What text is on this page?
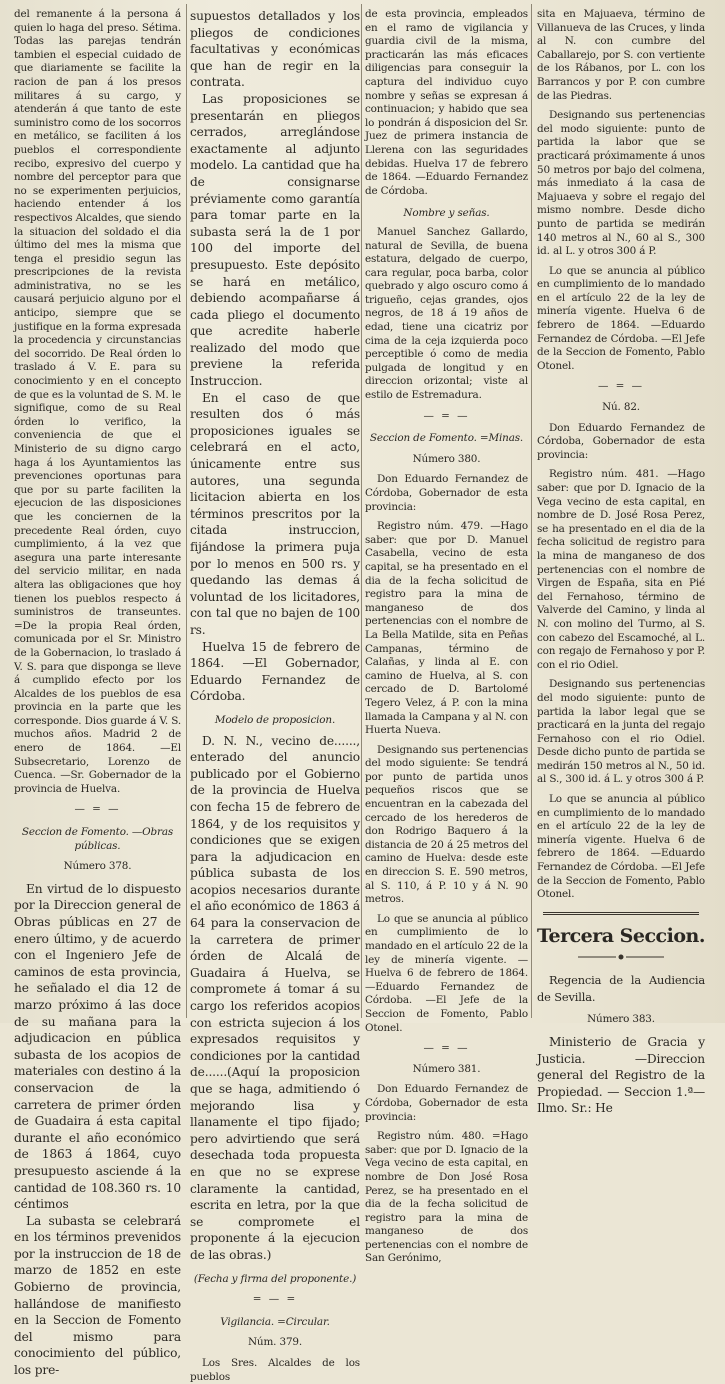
del remanente á la persona á quien lo haga del preso. Sétima. Todas las parejas tendrán tambien el especial cuidado de que diariamente se facilite la racion de pan á los presos militares á su cargo, y atenderán á que tanto de este suministro como de los socorros en metálico, se faciliten á los pueblos el correspondiente recibo, expresivo del cuerpo y nombre del perceptor para que no se experimenten perjuicios, haciendo entender á los respectivos Alcaldes, que siendo la situacion del soldado el dia último del mes la misma que tenga el presidio segun las prescripciones de la revista administrativa, no se les causará perjuicio alguno por el anticipo, siempre que se justifique en la forma expresada la procedencia y circunstancias del socorrido. De Real órden lo traslado á V. E. para su conocimiento y en el concepto de que es la voluntad de S. M. le signifique, como de su Real órden lo verifico, la conveniencia de que el Ministerio de su digno cargo haga á los Ayuntamientos las prevenciones oportunas para que por su parte faciliten la ejecucion de las disposiciones que les conciernen de la precedente Real órden, cuyo cumplimiento, á la vez que asegura una parte interesante del servicio militar, en nada altera las obligaciones que hoy tienen los pueblos respecto á suministros de transeuntes. =De la propia Real órden, comunicada por el Sr. Ministro de la Gobernacion, lo traslado á V. S. para que disponga se lleve á cumplido efecto por los Alcaldes de los pueblos de esa provincia en la parte que les corresponde. Dios guarde á V. S. muchos años. Madrid 2 de enero de 1864. —El Subsecretario, Lorenzo de Cuenca. —Sr. Gobernador de la provincia de Huelva.

— = —
Seccion de Fomento. —Obras públicas.
Número 378.

En virtud de lo dispuesto por la Direccion general de Obras públicas en 27 de enero último, y de acuerdo con el Ingeniero Jefe de caminos de esta provincia, he señalado el dia 12 de marzo próximo á las doce de su mañana para la adjudicacion en pública subasta de los acopios de materiales con destino á la conservacion de la carretera de primer órden de Guadaira á esta capital durante el año económico de 1863 á 1864, cuyo presupuesto asciende á la cantidad de 108.360 rs. 10 céntimos

La subasta se celebrará en los términos prevenidos por la instruccion de 18 de marzo de 1852 en este Gobierno de provincia, hallándose de manifiesto en la Seccion de Fomento del mismo para conocimiento del público, los pre-

supuestos detallados y los pliegos de condiciones facultativas y económicas que han de regir en la contrata.

Las proposiciones se presentarán en pliegos cerrados, arreglándose exactamente al adjunto modelo. La cantidad que ha de consignarse préviamente como garantía para tomar parte en la subasta será la de 1 por 100 del importe del presupuesto. Este depósito se hará en metálico, debiendo acompañarse á cada pliego el documento que acredite haberle realizado del modo que previene la referida Instruccion.

En el caso de que resulten dos ó más proposiciones iguales se celebrará en el acto, únicamente entre sus autores, una segunda licitacion abierta en los términos prescritos por la citada instruccion, fijándose la primera puja por lo menos en 500 rs. y quedando las demas á voluntad de los licitadores, con tal que no bajen de 100 rs.

Huelva 15 de febrero de 1864. —El Gobernador, Eduardo Fernandez de Córdoba.

Modelo de proposicion.

D. N. N., vecino de......, enterado del anuncio publicado por el Gobierno de la provincia de Huelva con fecha 15 de febrero de 1864, y de los requisitos y condiciones que se exigen para la adjudicacion en pública subasta de los acopios necesarios durante el año económico de 1863 á 64 para la conservacion de la carretera de primer órden de Alcalá de Guadaira á Huelva, se compromete á tomar á su cargo los referidos acopios con estricta sujecion á los expresados requisitos y condiciones por la cantidad de......(Aquí la proposicion que se haga, admitiendo ó mejorando lisa y llanamente el tipo fijado; pero advirtiendo que será desechada toda propuesta en que no se exprese claramente la cantidad, escrita en letra, por la que se compromete el proponente á la ejecucion de las obras.)

(Fecha y firma del proponente.)
= — =
Vigilancia. =Circular.
Núm. 379.

Los Sres. Alcaldes de los pueblos

de esta provincia, empleados en el ramo de vigilancia y guardia civil de la misma, practicarán las más eficaces diligencias para conseguir la captura del individuo cuyo nombre y señas se expresan á continuacion; y habido que sea lo pondrán á disposicion del Sr. Juez de primera instancia de Llerena con las seguridades debidas. Huelva 17 de febrero de 1864. —Eduardo Fernandez de Córdoba.

Nombre y señas.

Manuel Sanchez Gallardo, natural de Sevilla, de buena estatura, delgado de cuerpo, cara regular, poca barba, color quebrado y algo oscuro como á trigueño, cejas grandes, ojos negros, de 18 á 19 años de edad, tiene una cicatriz por cima de la ceja izquierda poco perceptible ó como de media pulgada de longitud y en direccion orizontal; viste al estilo de Estremadura.

— = —
Seccion de Fomento. =Minas.
Número 380.

Don Eduardo Fernandez de Córdoba, Gobernador de esta provincia:

Registro núm. 479. —Hago saber: que por D. Manuel Casabella, vecino de esta capital, se ha presentado en el dia de la fecha solicitud de registro para la mina de manganeso de dos pertenencias con el nombre de La Bella Matilde, sita en Peñas Campanas, término de Calañas, y linda al E. con camino de Huelva, al S. con cercado de D. Bartolomé Tegero Velez, á P. con la mina llamada la Campana y al N. con Huerta Nueva.

Designando sus pertenencias del modo siguiente: Se tendrá por punto de partida unos pequeños riscos que se encuentran en la cabezada del cercado de los herederos de don Rodrigo Baquero á la distancia de 20 á 25 metros del camino de Huelva: desde este en direccion S. E. 590 metros, al S. 110, á P. 10 y á N. 90 metros.

Lo que se anuncia al público en cumplimiento de lo mandado en el artículo 22 de la ley de minería vigente. —Huelva 6 de febrero de 1864. —Eduardo Fernandez de Córdoba. —El Jefe de la Seccion de Fomento, Pablo Otonel.

— = —
Número 381.

Don Eduardo Fernandez de Córdoba, Gobernador de esta provincia:

Registro núm. 480. =Hago saber: que por D. Ignacio de la Vega vecino de esta capital, en nombre de Don José Rosa Perez, se ha presentado en el dia de la fecha solicitud de registro para la mina de manganeso de dos pertenencias con el nombre de San Gerónimo,

sita en Majuaeva, término de Villanueva de las Cruces, y linda al N. con cumbre del Caballarejo, por S. con vertiente de los Rábanos, por L. con los Barrancos y por P. con cumbre de las Piedras.

Designando sus pertenencias del modo siguiente: punto de partida la labor que se practicará próximamente á unos 50 metros por bajo del colmena, más inmediato á la casa de Majuaeva y sobre el regajo del mismo nombre. Desde dicho punto de partida se medirán 140 metros al N., 60 al S., 300 id. al L. y otros 300 á P.

Lo que se anuncia al público en cumplimiento de lo mandado en el artículo 22 de la ley de minería vigente. Huelva 6 de febrero de 1864. —Eduardo Fernandez de Córdoba. —El Jefe de la Seccion de Fomento, Pablo Otonel.

— = —
Nú. 82.

Don Eduardo Fernandez de Córdoba, Gobernador de esta provincia:

Registro núm. 481. —Hago saber: que por D. Ignacio de la Vega vecino de esta capital, en nombre de D. José Rosa Perez, se ha presentado en el dia de la fecha solicitud de registro para la mina de manganeso de dos pertenencias con el nombre de Virgen de España, sita en Pié del Fernahoso, término de Valverde del Camino, y linda al N. con molino del Turmo, al S. con cabezo del Escamoché, al L. con regajo de Fernahoso y por P. con el rio Odiel.

Designando sus pertenencias del modo siguiente: punto de partida la labor legal que se practicará en la junta del regajo Fernahoso con el rio Odiel. Desde dicho punto de partida se medirán 150 metros al N., 50 id. al S., 300 id. á L. y otros 300 á P.

Lo que se anuncia al público en cumplimiento de lo mandado en el artículo 22 de la ley de minería vigente. Huelva 6 de febrero de 1864. —Eduardo Fernandez de Córdoba. —El Jefe de la Seccion de Fomento, Pablo Otonel.

Tercera Seccion.

Regencia de la Audiencia de Sevilla.

Número 383.

Ministerio de Gracia y Justicia. —Direccion general del Registro de la Propiedad. — Seccion 1.ª—Ilmo. Sr.: He
